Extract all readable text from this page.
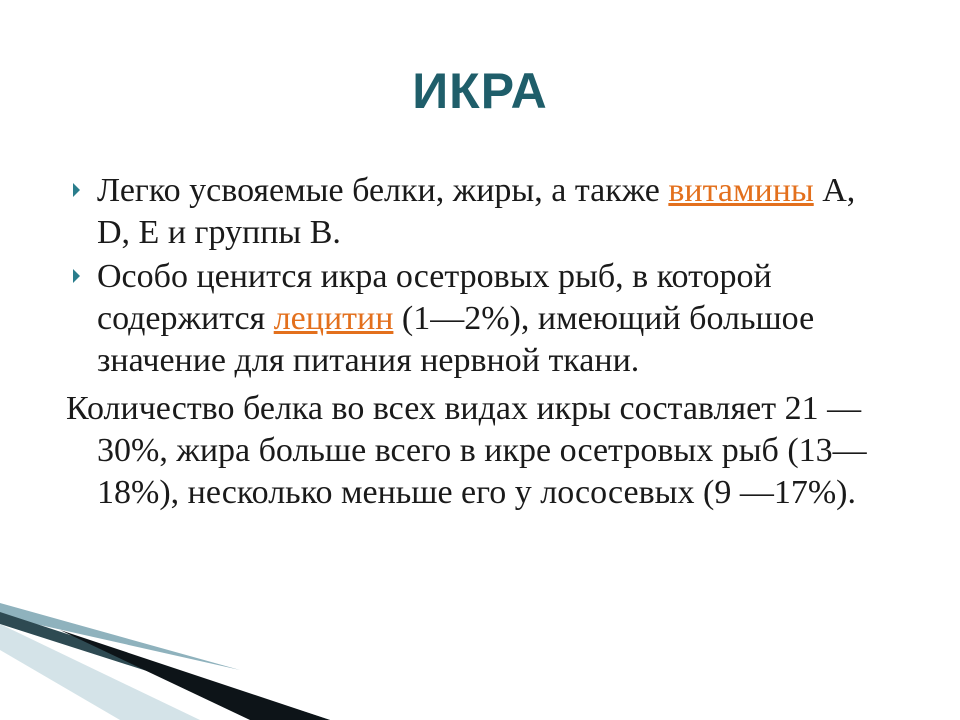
ИКРА
Легко усвояемые белки, жиры, а также витамины A, D, E и группы B.
Особо ценится икра осетровых рыб, в которой содержится лецитин (1—2%), имеющий большое значение для питания нервной ткани.
Количество белка во всех видах икры составляет 21 —30%, жира больше всего в икре осетровых рыб (13— 18%), несколько меньше его у лососевых (9 —17%).
